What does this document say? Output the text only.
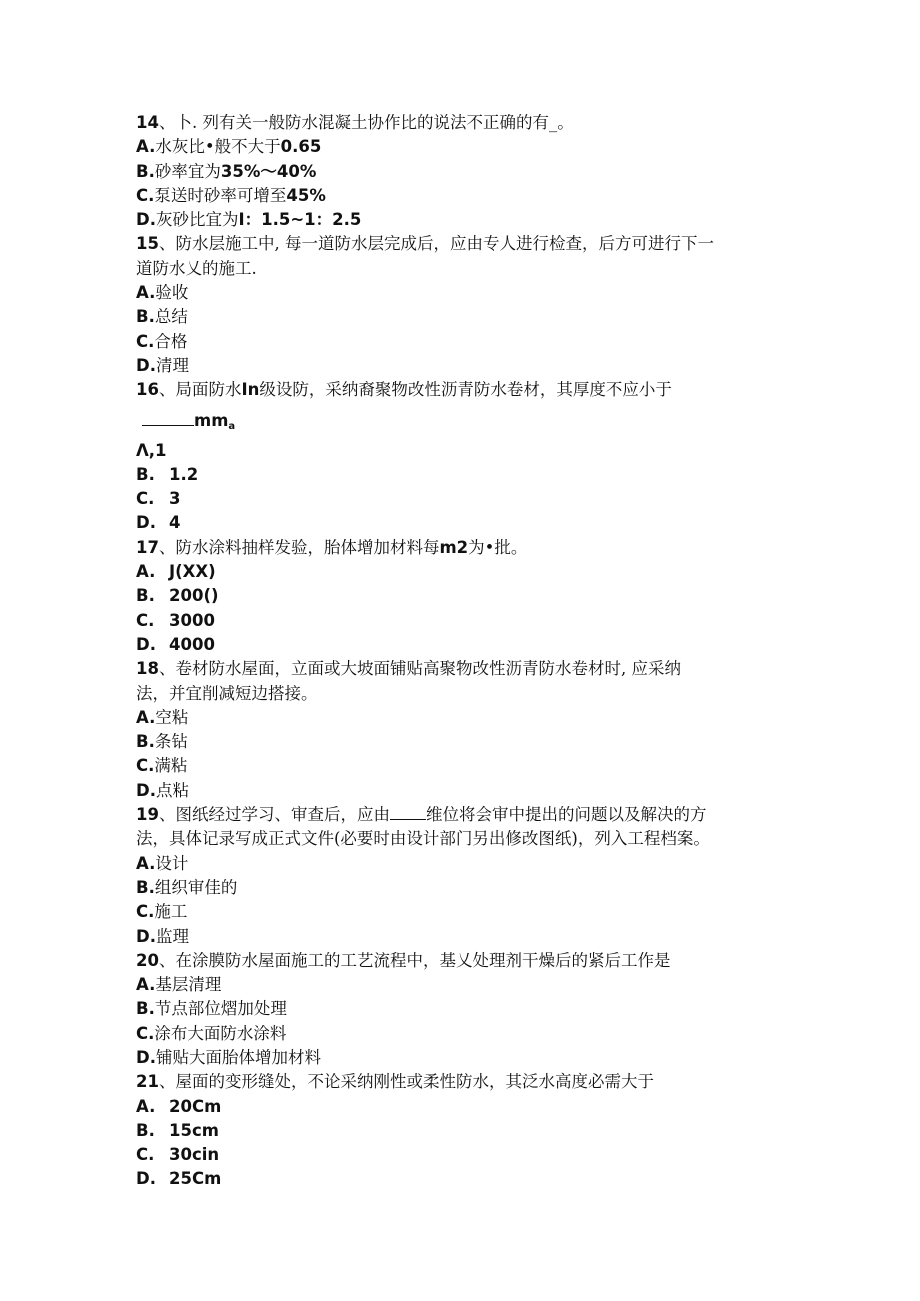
14、卜. 列有关一般防水混凝土协作比的说法不正确的有_。
A.水灰比•般不大于0.65
B.砂率宜为35%〜40%
C.泵送时砂率可增至45%
D.灰砂比宜为I：1.5~1：2.5
15、防水层施工中, 每一道防水层完成后，应由专人进行检查，后方可进行下一
道防水乂的施工.
A.验收
B.总结
C.合格
D.清理
16、局面防水In级设防，采纳裔聚物改性沥青防水卷材，其厚度不应小于
$mm_a$
Λ,1
B. 1.2
C. 3
D. 4
17、防水涂料抽样发验，胎体增加材料每m2为•批。
A. J(XX)
B. 200()
C. 3000
D. 4000
18、卷材防水屋面，立面或大坡面铺贴高聚物改性沥青防水卷材时, 应采纳
法，并宜削减短边搭接。
A.空粘
B.条钻
C.满粘
D.点粘
19、图纸经过学习、审查后，应由 维位将会审中提出的问题以及解决的方
法，具体记录写成正式文件(必要时由设计部门另出修改图纸)，列入工程档案。
A.设计
B.组织审佳的
C.施工
D.监理
20、在涂膜防水屋面施工的工艺流程中，基乂处理剂干燥后的紧后工作是
A.基层清理
B.节点部位熠加处理
C.涂布大面防水涂料
D.铺贴大面胎体增加材料
21、屋面的变形缝处，不论采纳刚性或柔性防水，其泛水高度必需大于
A. 20Cm
B. 15cm
C. 30cin
D. 25Cm
